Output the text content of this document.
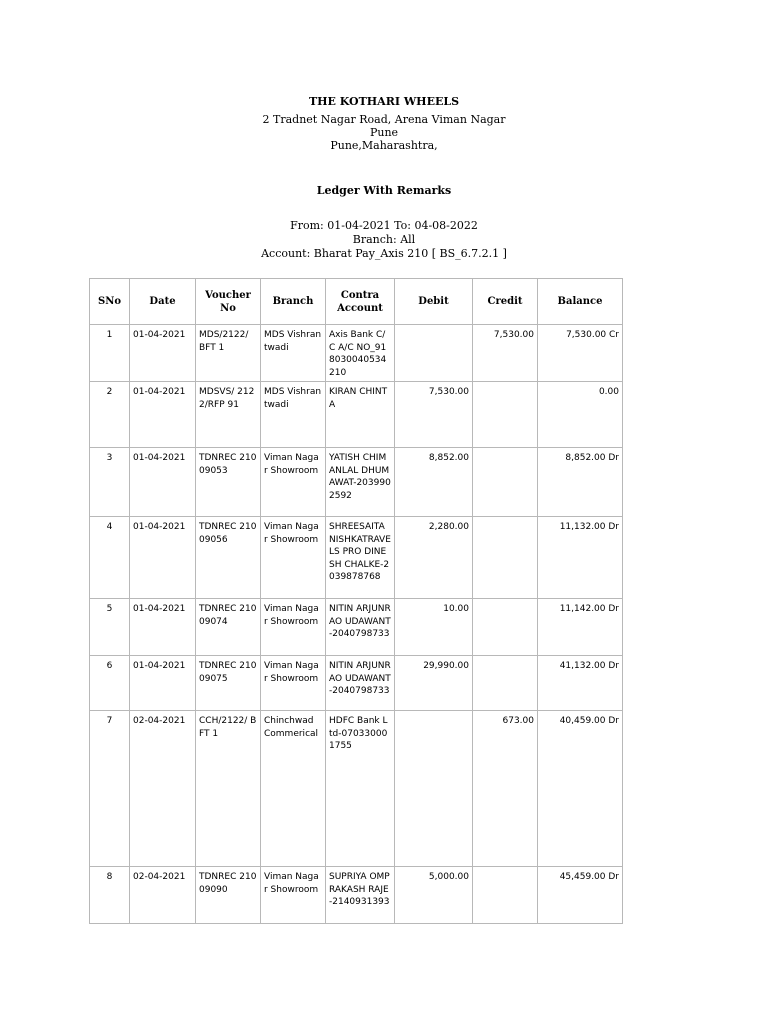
THE KOTHARI WHEELS
2 Tradnet Nagar Road, Arena Viman Nagar
Pune
Pune,Maharashtra,
Ledger With Remarks
From: 01-04-2021 To: 04-08-2022
Branch: All
Account: Bharat Pay_Axis 210 [ BS_6.7.2.1 ]
SNo	Date	Voucher No	Branch	Contra Account	Debit	Credit	Balance
1	01-04-2021	MDS/2122/ BFT 1	MDS Vishrantwadi	Axis Bank C/C A/C NO_918030040534210		7,530.00	7,530.00 Cr
2	01-04-2021	MDSVS/ 2122/RFP 91	MDS Vishrantwadi	KIRAN CHINTA	7,530.00		0.00
3	01-04-2021	TDNREC 21009053	Viman Nagar Showroom	YATISH CHIMANLAL DHUMAWAT-2039902592	8,852.00		8,852.00 Dr
4	01-04-2021	TDNREC 21009056	Viman Nagar Showroom	SHREESAITANISHKATRAVELS PRO DINESH CHALKE-2039878768	2,280.00		11,132.00 Dr
5	01-04-2021	TDNREC 21009074	Viman Nagar Showroom	NITIN ARJUNRAO UDAWANT-2040798733	10.00		11,142.00 Dr
6	01-04-2021	TDNREC 21009075	Viman Nagar Showroom	NITIN ARJUNRAO UDAWANT-2040798733	29,990.00		41,132.00 Dr
7	02-04-2021	CCH/2122/ BFT 1	Chinchwad Commerical	HDFC Bank Ltd-070330001755		673.00	40,459.00 Dr
8	02-04-2021	TDNREC 21009090	Viman Nagar Showroom	SUPRIYA OMPRAKASH RAJE-2140931393	5,000.00		45,459.00 Dr
